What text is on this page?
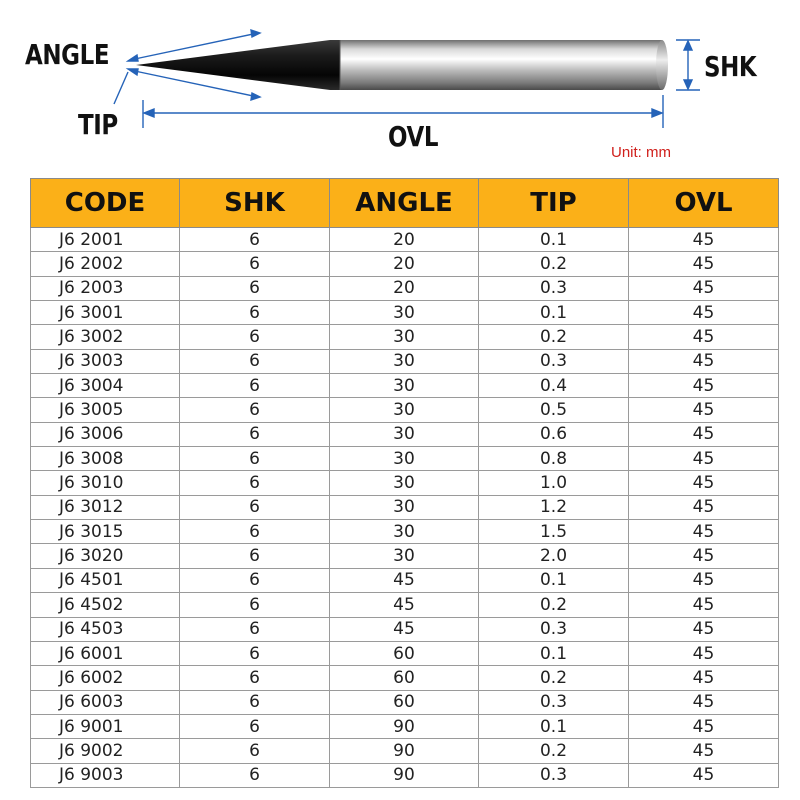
ANGLE
TIP	OVL
SHK
Unit: mm
CODE	SHK	ANGLE	TIP	OVL
J6 2001	6	20	0.1	45
J6 2002	6	20	0.2	45
J6 2003	6	20	0.3	45
J6 3001	6	30	0.1	45
J6 3002	6	30	0.2	45
J6 3003	6	30	0.3	45
J6 3004	6	30	0.4	45
J6 3005	6	30	0.5	45
J6 3006	6	30	0.6	45
J6 3008	6	30	0.8	45
J6 3010	6	30	1.0	45
J6 3012	6	30	1.2	45
J6 3015	6	30	1.5	45
J6 3020	6	30	2.0	45
J6 4501	6	45	0.1	45
J6 4502	6	45	0.2	45
J6 4503	6	45	0.3	45
J6 6001	6	60	0.1	45
J6 6002	6	60	0.2	45
J6 6003	6	60	0.3	45
J6 9001	6	90	0.1	45
J6 9002	6	90	0.2	45
J6 9003	6	90	0.3	45
